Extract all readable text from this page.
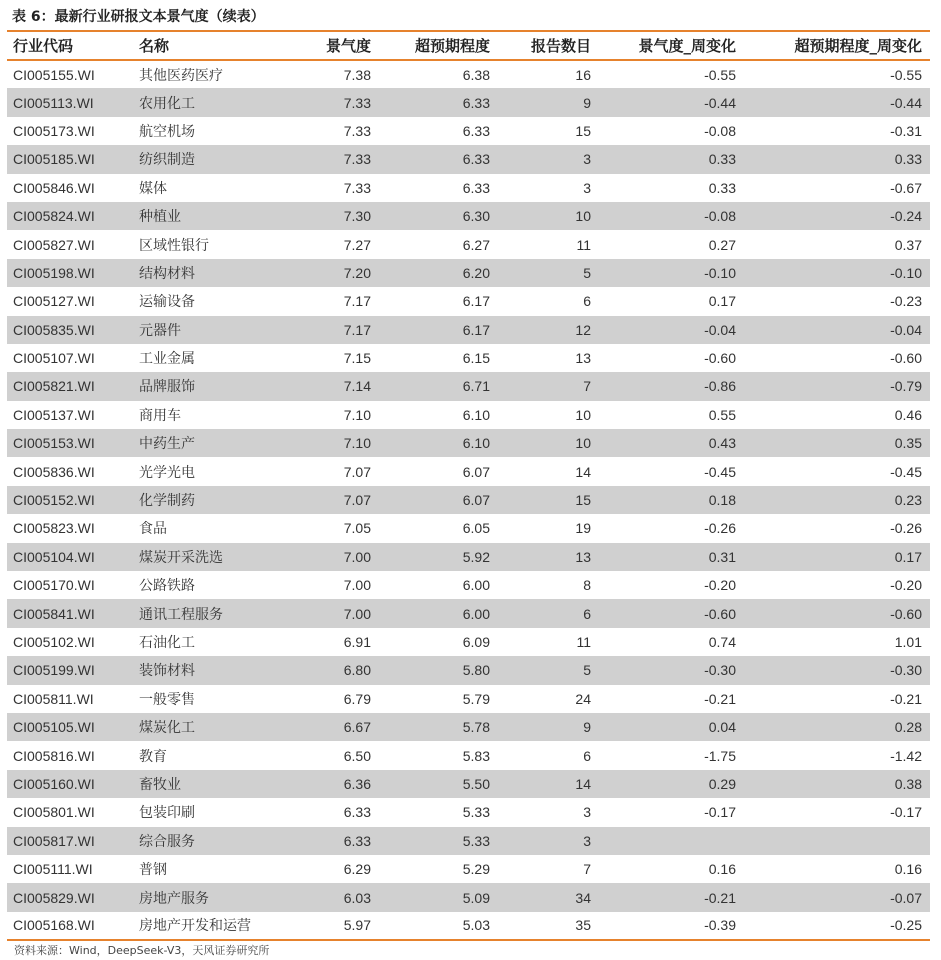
表 6：最新行业研报文本景气度（续表）
行业代码	名称	景气度	超预期程度	报告数目	景气度_周变化	超预期程度_周变化
CI005155.WI	其他医药医疗	7.38	6.38	16	-0.55	-0.55
CI005113.WI	农用化工	7.33	6.33	9	-0.44	-0.44
CI005173.WI	航空机场	7.33	6.33	15	-0.08	-0.31
CI005185.WI	纺织制造	7.33	6.33	3	0.33	0.33
CI005846.WI	媒体	7.33	6.33	3	0.33	-0.67
CI005824.WI	种植业	7.30	6.30	10	-0.08	-0.24
CI005827.WI	区域性银行	7.27	6.27	11	0.27	0.37
CI005198.WI	结构材料	7.20	6.20	5	-0.10	-0.10
CI005127.WI	运输设备	7.17	6.17	6	0.17	-0.23
CI005835.WI	元器件	7.17	6.17	12	-0.04	-0.04
CI005107.WI	工业金属	7.15	6.15	13	-0.60	-0.60
CI005821.WI	品牌服饰	7.14	6.71	7	-0.86	-0.79
CI005137.WI	商用车	7.10	6.10	10	0.55	0.46
CI005153.WI	中药生产	7.10	6.10	10	0.43	0.35
CI005836.WI	光学光电	7.07	6.07	14	-0.45	-0.45
CI005152.WI	化学制药	7.07	6.07	15	0.18	0.23
CI005823.WI	食品	7.05	6.05	19	-0.26	-0.26
CI005104.WI	煤炭开采洗选	7.00	5.92	13	0.31	0.17
CI005170.WI	公路铁路	7.00	6.00	8	-0.20	-0.20
CI005841.WI	通讯工程服务	7.00	6.00	6	-0.60	-0.60
CI005102.WI	石油化工	6.91	6.09	11	0.74	1.01
CI005199.WI	装饰材料	6.80	5.80	5	-0.30	-0.30
CI005811.WI	一般零售	6.79	5.79	24	-0.21	-0.21
CI005105.WI	煤炭化工	6.67	5.78	9	0.04	0.28
CI005816.WI	教育	6.50	5.83	6	-1.75	-1.42
CI005160.WI	畜牧业	6.36	5.50	14	0.29	0.38
CI005801.WI	包装印刷	6.33	5.33	3	-0.17	-0.17
CI005817.WI	综合服务	6.33	5.33	3		
CI005111.WI	普钢	6.29	5.29	7	0.16	0.16
CI005829.WI	房地产服务	6.03	5.09	34	-0.21	-0.07
CI005168.WI	房地产开发和运营	5.97	5.03	35	-0.39	-0.25
资料来源：Wind，DeepSeek-V3，天风证券研究所
